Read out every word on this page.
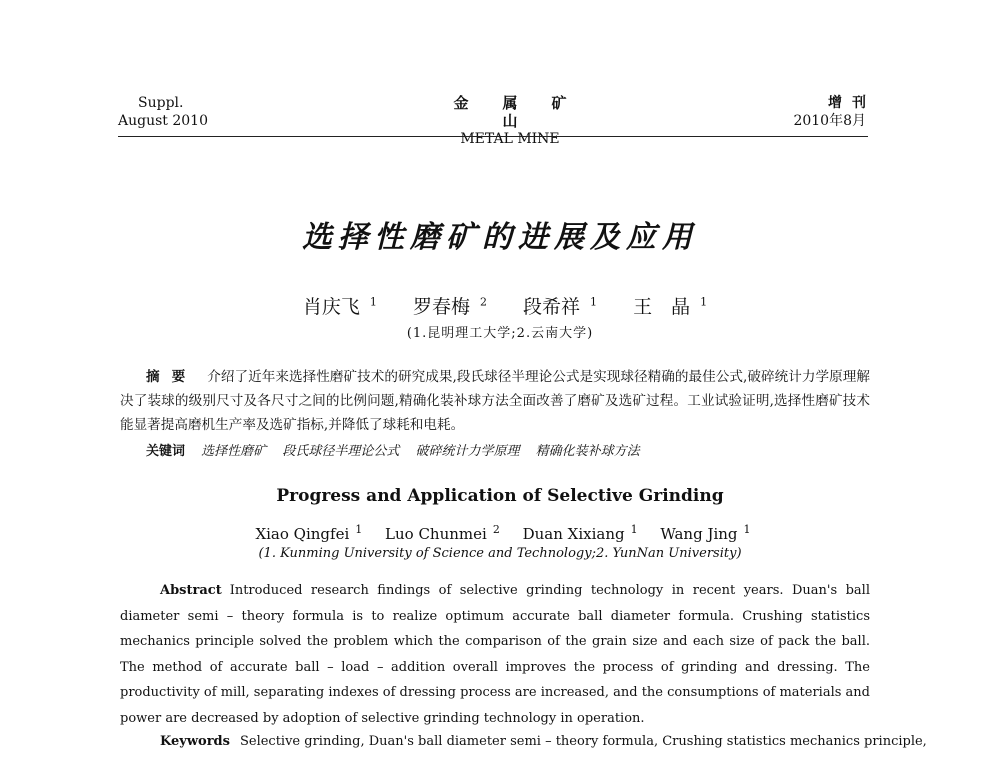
Suppl.
August 2010
金属矿山
METAL MINE
增刊
2010年8月
选择性磨矿的进展及应用
肖庆飞 $^1$ 罗春梅 $^2$ 段希祥 $^1$ 王　晶 $^1$
(1.昆明理工大学;2.云南大学)
摘要 介绍了近年来选择性磨矿技术的研究成果,段氏球径半理论公式是实现球径精确的最佳公式,破碎统计力学原理解决了装球的级别尺寸及各尺寸之间的比例问题,精确化装补球方法全面改善了磨矿及选矿过程。工业试验证明,选择性磨矿技术能显著提高磨机生产率及选矿指标,并降低了球耗和电耗。
关键词 选择性磨矿 段氏球径半理论公式 破碎统计力学原理 精确化装补球方法
Progress and Application of Selective Grinding
Xiao Qingfei $^1$ Luo Chunmei $^2$ Duan Xixiang $^1$ Wang Jing $^1$
(1. Kunming University of Science and Technology;2. YunNan University)
Abstract Introduced research findings of selective grinding technology in recent years. Duan's ball diameter semi – theory formula is to realize optimum accurate ball diameter formula. Crushing statistics mechanics principle solved the problem which the comparison of the grain size and each size of pack the ball. The method of accurate ball – load – addition overall improves the process of grinding and dressing. The productivity of mill, separating indexes of dressing process are increased, and the consumptions of materials and power are decreased by adoption of selective grinding technology in operation.
Keywords Selective grinding, Duan's ball diameter semi – theory formula, Crushing statistics mechanics principle,
